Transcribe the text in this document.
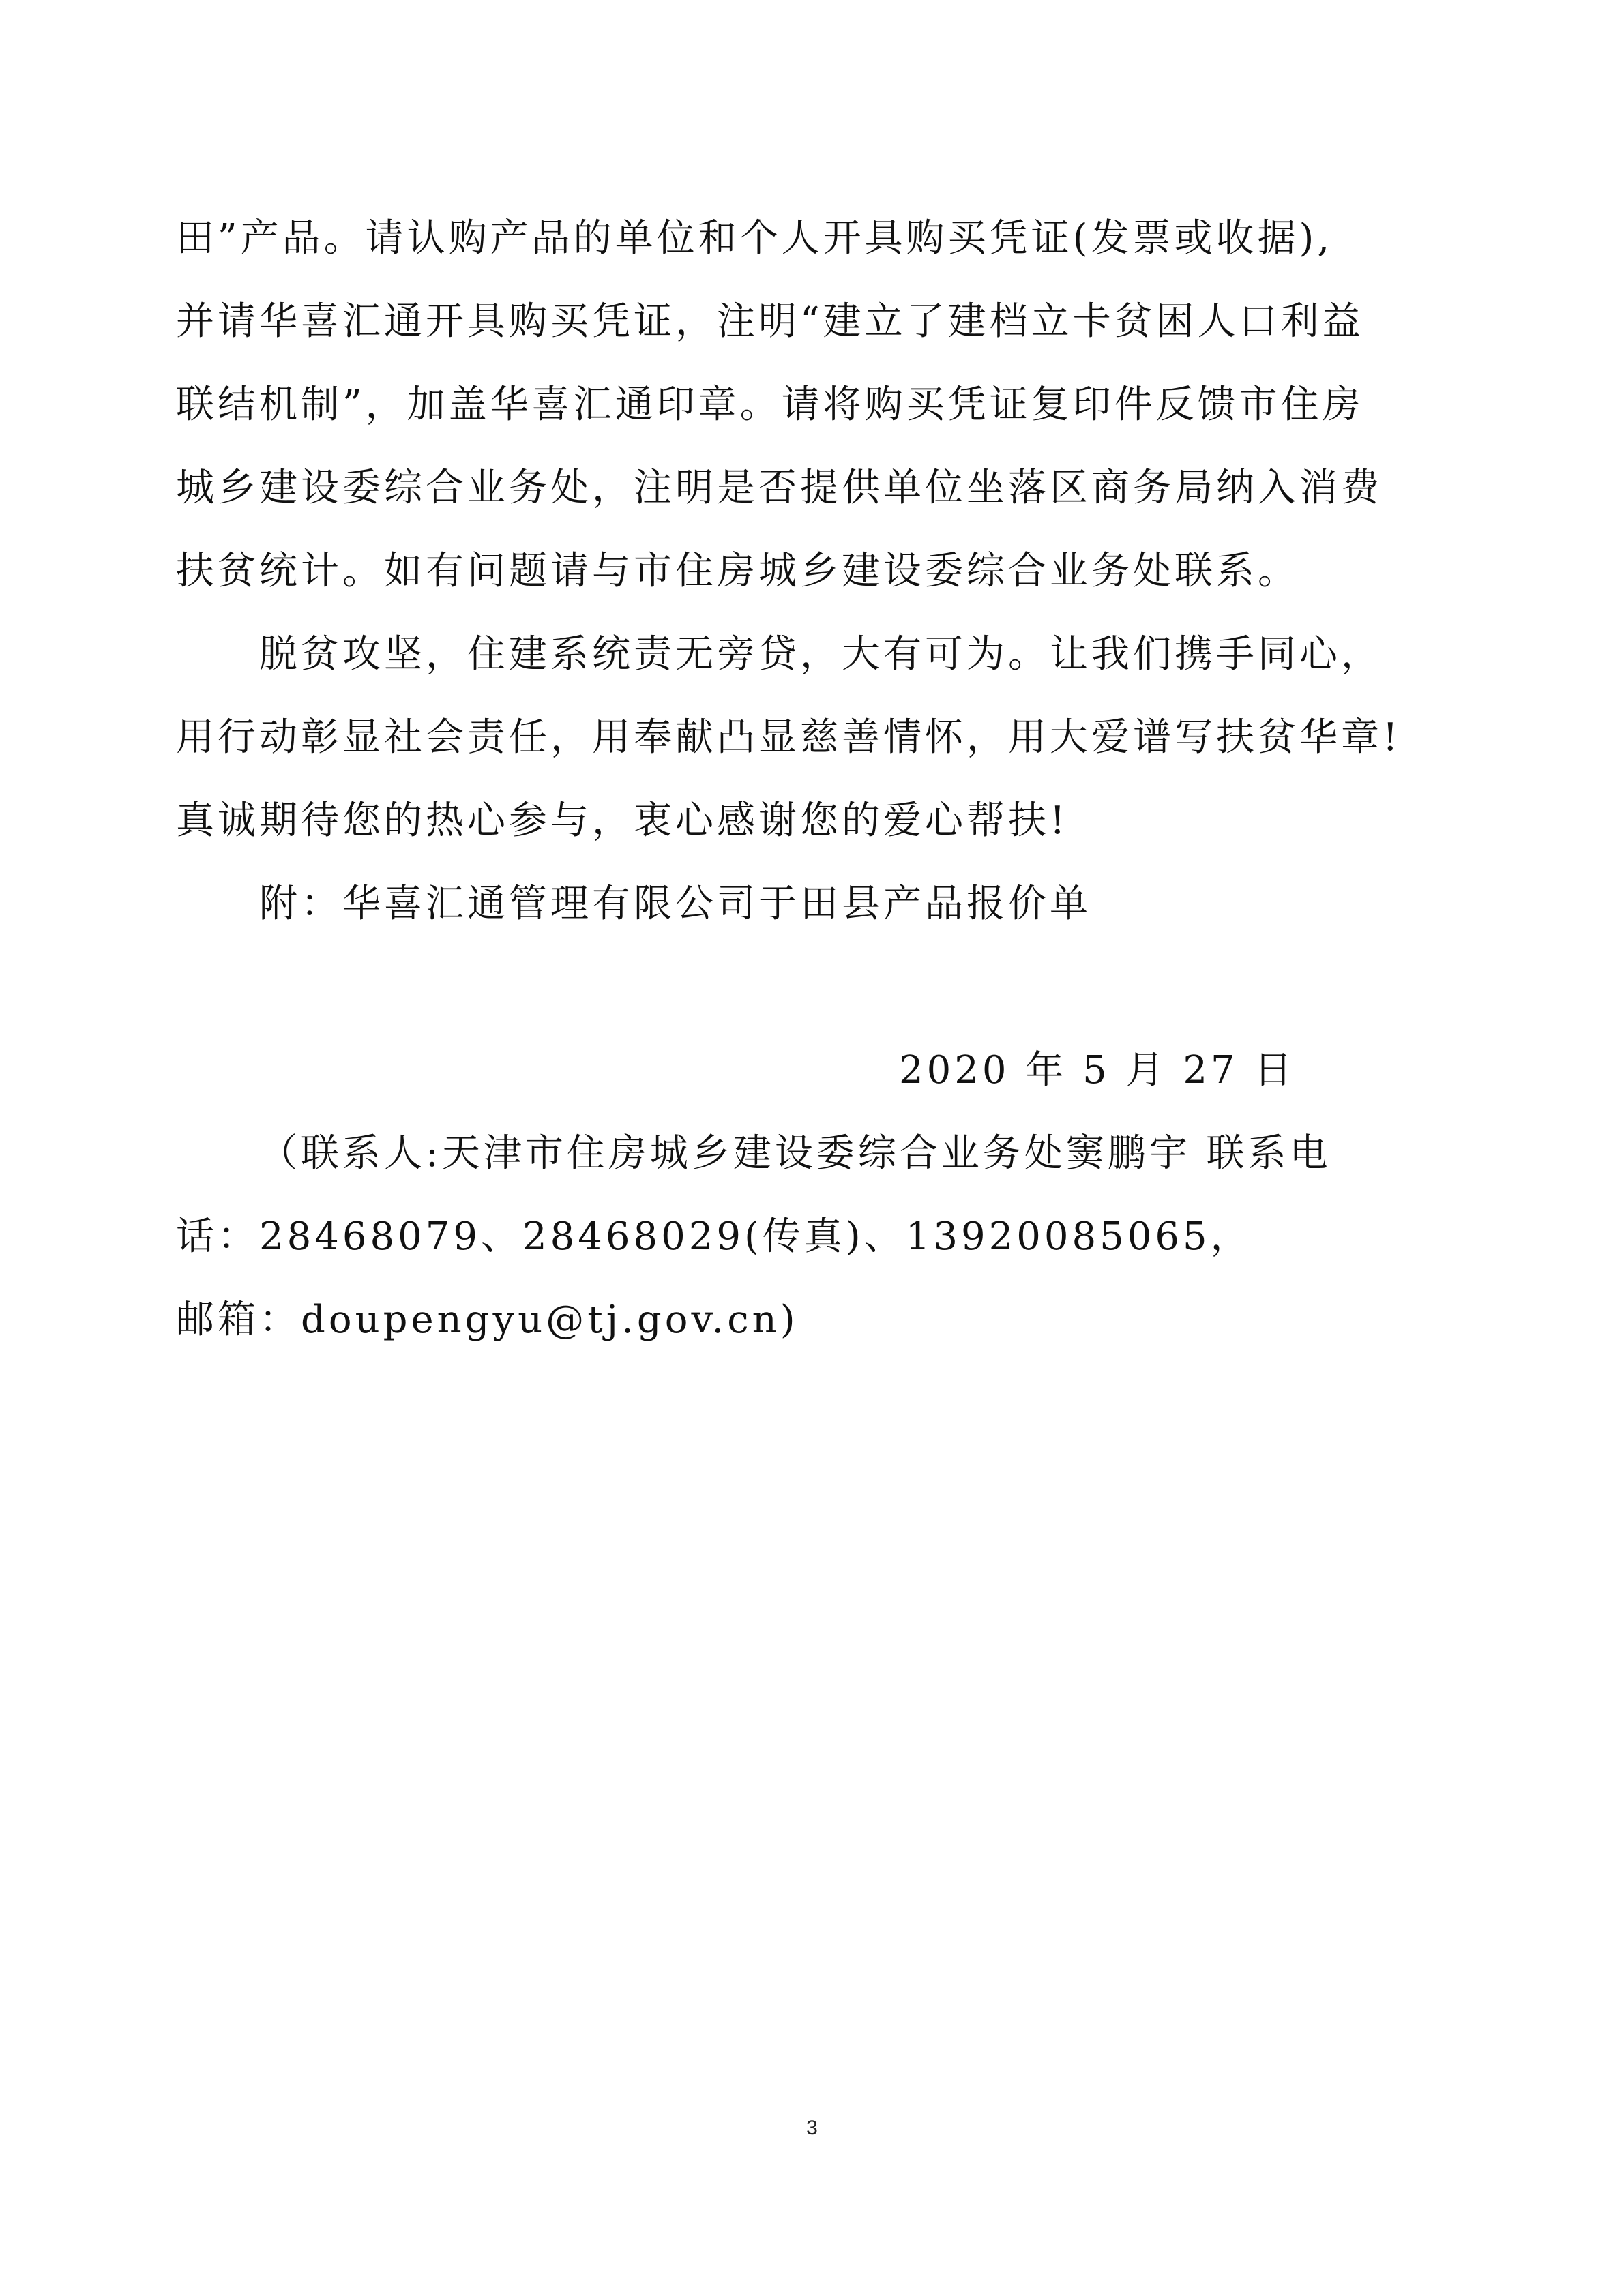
田”产品。请认购产品的单位和个人开具购买凭证(发票或收据),
并请华喜汇通开具购买凭证，注明“建立了建档立卡贫困人口利益
联结机制”，加盖华喜汇通印章。请将购买凭证复印件反馈市住房
城乡建设委综合业务处，注明是否提供单位坐落区商务局纳入消费
扶贫统计。如有问题请与市住房城乡建设委综合业务处联系。
脱贫攻坚，住建系统责无旁贷，大有可为。让我们携手同心，
用行动彰显社会责任，用奉献凸显慈善情怀，用大爱谱写扶贫华章!
真诚期待您的热心参与，衷心感谢您的爱心帮扶!
附：华喜汇通管理有限公司于田县产品报价单
2020 年 5 月 27 日
（联系人:天津市住房城乡建设委综合业务处窦鹏宇 联系电
话：28468079、28468029(传真)、13920085065，
邮箱：doupengyu@tj.gov.cn)
3
